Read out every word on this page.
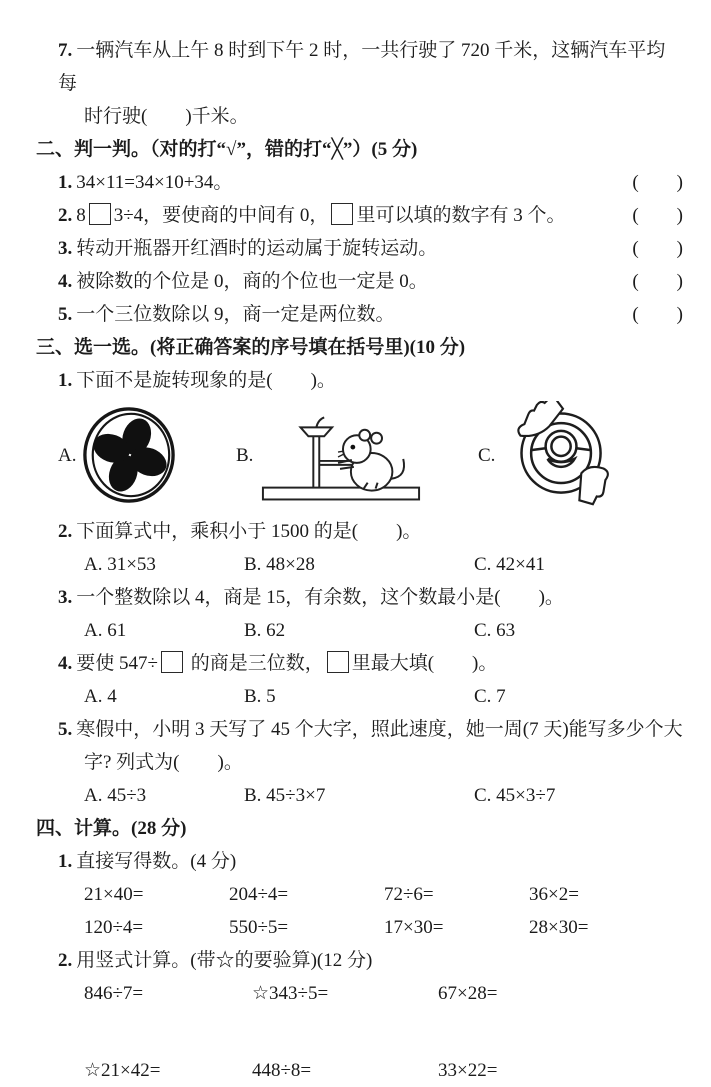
7. 一辆汽车从上午 8 时到下午 2 时，一共行驶了 720 千米，这辆汽车平均每
时行驶(　　)千米。
二、判一判。（对的打“√”，错的打“╳”）(5 分)
1. 34×11=34×10+34。	(　　)
2. 8 3÷4，要使商的中间有 0， 里可以填的数字有 3 个。	(　　)
3. 转动开瓶器开红酒时的运动属于旋转运动。	(　　)
4. 被除数的个位是 0，商的个位也一定是 0。	(　　)
5. 一个三位数除以 9，商一定是两位数。	(　　)
三、选一选。(将正确答案的序号填在括号里)(10 分)
1. 下面不是旋转现象的是(　　)。
A.	B.	C.
2. 下面算式中，乘积小于 1500 的是(　　)。
A. 31×53	B. 48×28	C. 42×41
3. 一个整数除以 4，商是 15，有余数，这个数最小是(　　)。
A. 61	B. 62	C. 63
4. 要使 547÷ 的商是三位数， 里最大填(　　)。
A. 4	B. 5	C. 7
5. 寒假中，小明 3 天写了 45 个大字，照此速度，她一周(7 天)能写多少个大
字? 列式为(　　)。
A. 45÷3	B. 45÷3×7	C. 45×3÷7
四、计算。(28 分)
1. 直接写得数。(4 分)
21×40=	204÷4=	72÷6=	36×2=
120÷4=	550÷5=	17×30=	28×30=
2. 用竖式计算。(带☆的要验算)(12 分)
846÷7=	☆343÷5=	67×28=
☆21×42=	448÷8=	33×22=
